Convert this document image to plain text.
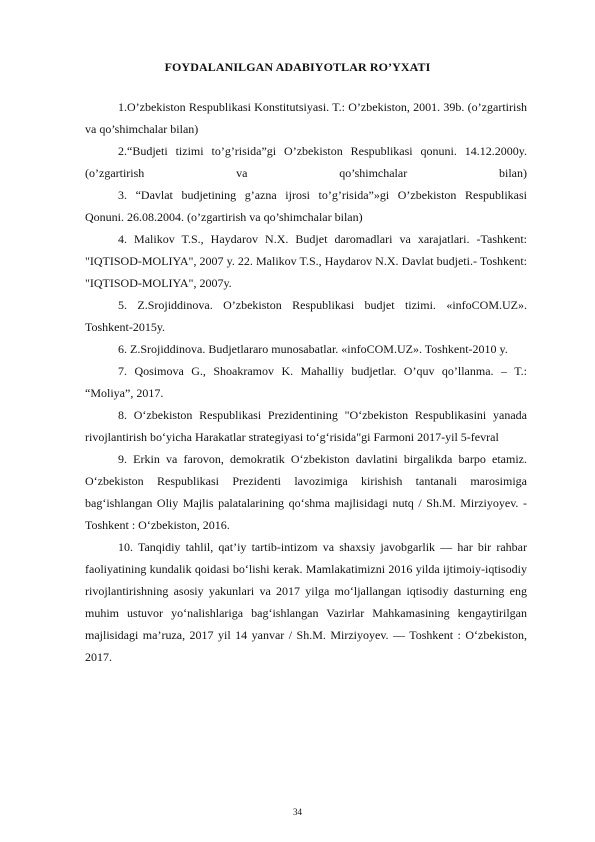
FOYDALANILGAN ADABIYOTLAR RO’YXATI

1.O’zbekiston Respublikasi Konstitutsiyasi. T.: O’zbekiston, 2001. 39b. (o’zgartirish va qo’shimchalar bilan)

2.“Budjeti tizimi to’g’risida”gi O’zbekiston Respublikasi qonuni. 14.12.2000y.(o’zgartirish va qo’shimchalar bilan)

3. “Davlat budjetining g’azna ijrosi to’g’risida”»gi O’zbekiston Respublikasi Qonuni. 26.08.2004. (o’zgartirish va qo’shimchalar bilan)

4. Malikov T.S., Haydarov N.X. Budjet daromadlari va xarajatlari. -Tashkent: "IQTISOD-MOLIYA", 2007 y. 22. Malikov T.S., Haydarov N.X. Davlat budjeti.- Toshkent: "IQTISOD-MOLIYA", 2007y.

5. Z.Srojiddinova. O’zbekiston Respublikasi budjet tizimi. «infoCOM.UZ». Toshkent-2015y.

6. Z.Srojiddinova. Budjetlararo munosabatlar. «infoCOM.UZ». Toshkent-2010 y.

7. Qosimova G., Shoakramov K. Mahalliy budjetlar. O’quv qo’llanma. – T.: “Moliya”, 2017.

8. O‘zbekiston Respublikasi Prezidentining "O‘zbekiston Respublikasini yanada rivojlantirish bo‘yicha Harakatlar strategiyasi to‘g‘risida"gi Farmoni 2017-yil 5-fevral

9. Erkin va farovon, demokratik O‘zbekiston davlatini birgalikda barpo etamiz. O‘zbekiston Respublikasi Prezidenti lavozimiga kirishish tantanali marosimiga bag‘ishlangan Oliy Majlis palatalarining qo‘shma majlisidagi nutq / Sh.M. Mirziyoyev. - Toshkent : O‘zbekiston, 2016.

10. Tanqidiy tahlil, qat’iy tartib-intizom va shaxsiy javobgarlik — har bir rahbar faoliyatining kundalik qoidasi bo‘lishi kerak. Mamlakatimizni 2016 yilda ijtimoiy-iqtisodiy rivojlantirishning asosiy yakunlari va 2017 yilga mo‘ljallangan iqtisodiy dasturning eng muhim ustuvor yo‘nalishlariga bag‘ishlangan Vazirlar Mahkamasining kengaytirilgan majlisidagi ma’ruza, 2017 yil 14 yanvar / Sh.M. Mirziyoyev. — Toshkent : O‘zbekiston, 2017.

34
